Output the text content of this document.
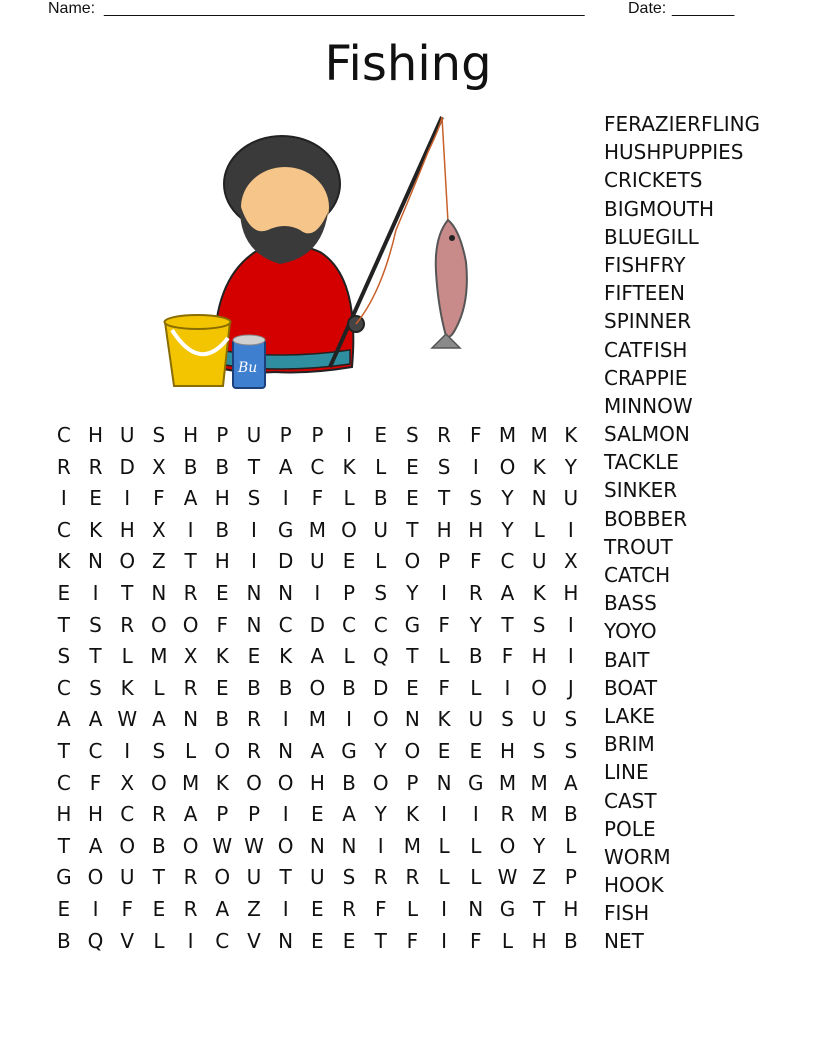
Name: ______________________________________________________	Date: _______
Fishing
Bu
C H U S H P U P P	I	E S R F M M K
R R D X B B T A C K L E S	I	O K Y
I	E	I	F A H S	I	F	L B E T S Y N U
C K H X	I	B	I	G M O U T H H Y	L	I
K N O Z T H	I	D U E L O P F C U X
E	I	T N R E N N	I	P S Y	I	R A K H
T S R O O F N C D C C G F Y T S	I
S T	L M X K E K A L Q T	L B F H	I
C S K L R E B B O B D E F	L	I	O	J
A A W A N B R	I	M	I	O N K U S U S
T C	I	S L O R N A G Y O E E H S S
C F X O M K O O H B O P N G M M A
H H C R A P P	I	E A Y K	I	I	R M B
T A O B O W W O N N	I	M L	L O Y	L
G O U T R O U T U S R R L	L W Z P
E	I	F E R A Z	I	E R F	L	I	N G T H
B Q V L	I	C V N E E T F	I	F	L H B
FERAZIERFLING
HUSHPUPPIES
CRICKETS
BIGMOUTH
BLUEGILL
FISHFRY
FIFTEEN
SPINNER
CATFISH
CRAPPIE
MINNOW
SALMON
TACKLE
SINKER
BOBBER
TROUT
CATCH
BASS
YOYO
BAIT
BOAT
LAKE
BRIM
LINE
CAST
POLE
WORM
HOOK
FISH
NET
